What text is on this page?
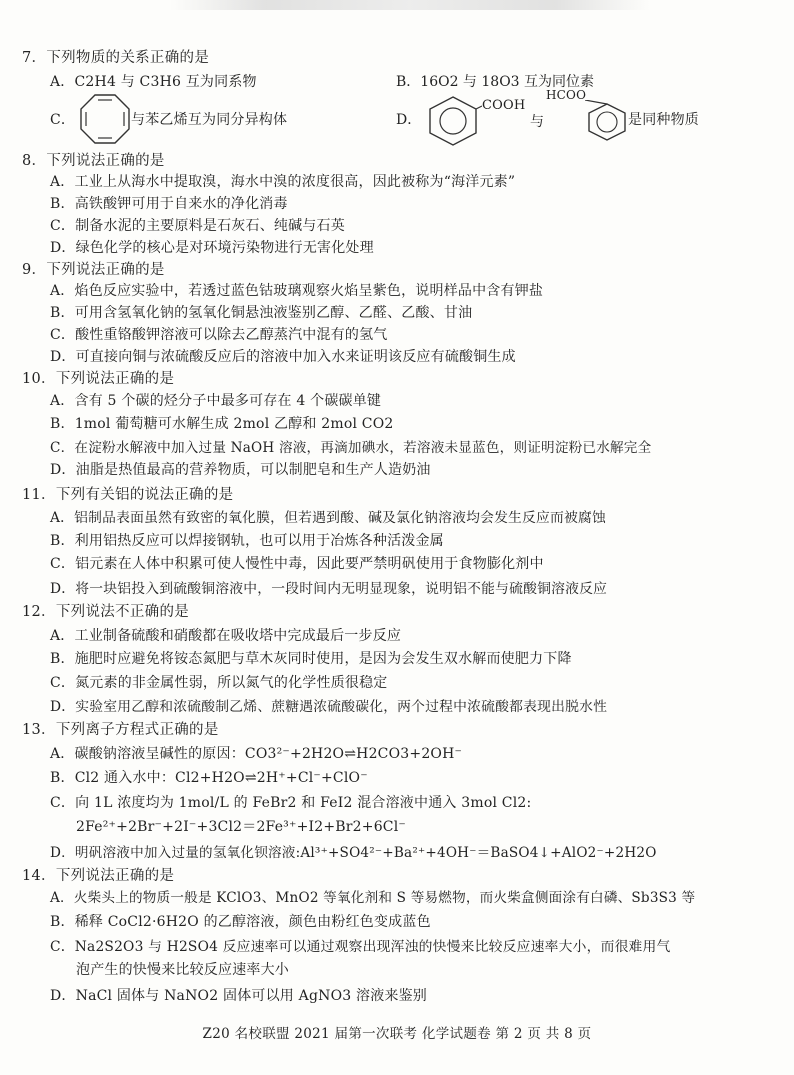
7．下列物质的关系正确的是
A．C2H4 与 C3H6 互为同系物	B．16O2 与 18O3 互为同位素
C．	与苯乙烯互为同分异构体	D．
COOH
与
HCOO
是同种物质
8．下列说法正确的是
A．工业上从海水中提取溴，海水中溴的浓度很高，因此被称为“海洋元素”
B．高铁酸钾可用于自来水的净化消毒
C．制备水泥的主要原料是石灰石、纯碱与石英
D．绿色化学的核心是对环境污染物进行无害化处理
9．下列说法正确的是
A．焰色反应实验中，若透过蓝色钴玻璃观察火焰呈紫色，说明样品中含有钾盐
B．可用含氢氧化钠的氢氧化铜悬浊液鉴别乙醇、乙醛、乙酸、甘油
C．酸性重铬酸钾溶液可以除去乙醇蒸汽中混有的氢气
D．可直接向铜与浓硫酸反应后的溶液中加入水来证明该反应有硫酸铜生成
10．下列说法正确的是
A．含有 5 个碳的烃分子中最多可存在 4 个碳碳单键
B．1mol 葡萄糖可水解生成 2mol 乙醇和 2mol CO2
C．在淀粉水解液中加入过量 NaOH 溶液，再滴加碘水，若溶液未显蓝色，则证明淀粉已水解完全
D．油脂是热值最高的营养物质，可以制肥皂和生产人造奶油
11．下列有关铝的说法正确的是
A．铝制品表面虽然有致密的氧化膜，但若遇到酸、碱及氯化钠溶液均会发生反应而被腐蚀
B．利用铝热反应可以焊接钢轨，也可以用于冶炼各种活泼金属
C．铝元素在人体中积累可使人慢性中毒，因此要严禁明矾使用于食物膨化剂中
D．将一块铝投入到硫酸铜溶液中，一段时间内无明显现象，说明铝不能与硫酸铜溶液反应
12．下列说法不正确的是
A．工业制备硫酸和硝酸都在吸收塔中完成最后一步反应
B．施肥时应避免将铵态氮肥与草木灰同时使用，是因为会发生双水解而使肥力下降
C．氮元素的非金属性弱，所以氮气的化学性质很稳定
D．实验室用乙醇和浓硫酸制乙烯、蔗糖遇浓硫酸碳化，两个过程中浓硫酸都表现出脱水性
13．下列离子方程式正确的是
A．碳酸钠溶液呈碱性的原因：CO3²⁻+2H2O⇌H2CO3+2OH⁻
B．Cl2 通入水中：Cl2+H2O⇌2H⁺+Cl⁻+ClO⁻
C．向 1L 浓度均为 1mol/L 的 FeBr2 和 FeI2 混合溶液中通入 3mol Cl2:
2Fe²⁺+2Br⁻+2I⁻+3Cl2＝2Fe³⁺+I2+Br2+6Cl⁻
D．明矾溶液中加入过量的氢氧化钡溶液:Al³⁺+SO4²⁻+Ba²⁺+4OH⁻＝BaSO4↓+AlO2⁻+2H2O
14．下列说法正确的是
A．火柴头上的物质一般是 KClO3、MnO2 等氧化剂和 S 等易燃物，而火柴盒侧面涂有白磷、Sb3S3 等
B．稀释 CoCl2·6H2O 的乙醇溶液，颜色由粉红色变成蓝色
C．Na2S2O3 与 H2SO4 反应速率可以通过观察出现浑浊的快慢来比较反应速率大小，而很难用气
泡产生的快慢来比较反应速率大小
D．NaCl 固体与 NaNO2 固体可以用 AgNO3 溶液来鉴别
Z20 名校联盟 2021 届第一次联考 化学试题卷 第 2 页 共 8 页
